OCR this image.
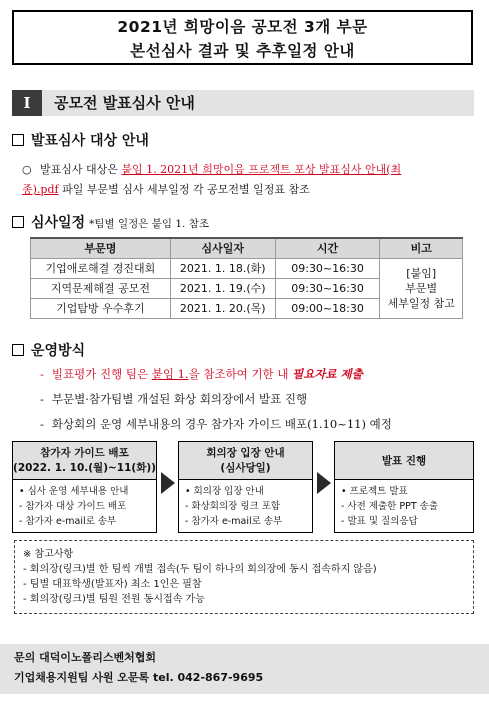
2021년 희망이음 공모전 3개 부문
본선심사 결과 및 추후일정 안내
I	공모전 발표심사 안내
발표심사 대상 안내
○ 발표심사 대상은 붙임 1. 2021년 희망이음 프로젝트 포상 발표심사 안내(최
종).pdf 파일 부문별 심사 세부일정 각 공모전별 일정표 참조
심사일정 *팀별 일정은 붙임 1. 참조
부문명	심사일자	시간	비고
기업애로해결 경진대회	2021. 1. 18.(화)	09:30~16:30	[붙임]
부문별
세부일정 참고
지역문제해결 공모전	2021. 1. 19.(수)	09:30~16:30	
기업탐방 우수후기	2021. 1. 20.(목)	09:00~18:30	
운영방식
- 빌표평가 진행 팀은 붙임 1.을 참조하여 기한 내 필요자료 제출
- 부문별·참가팀별 개설된 화상 회의장에서 발표 진행
- 화상회의 운영 세부내용의 경우 참가자 가이드 배포(1.10~11) 예정
참가자 가이드 배포
(2022. 1. 10.(월)~11(화))
• 심사 운영 세부내용 안내
- 참가자 대상 가이드 배포
- 참가자 e-mail로 송부
회의장 입장 안내
(심사당일)
• 회의장 입장 안내
- 화상회의장 링크 포함
- 참가자 e-mail로 송부
발표 진행
• 프로젝트 발표
- 사전 제출한 PPT 송출
- 발표 및 질의응답
※ 참고사항
- 회의장(링크)별 한 팀씩 개별 접속(두 팀이 하나의 회의장에 동시 접속하지 않음)
- 팀별 대표학생(발표자) 최소 1인은 필참
- 회의장(링크)별 팀원 전원 동시접속 가능
문의 대덕이노폴리스벤처협회
기업채용지원팀 사원 오문록 tel. 042-867-9695
